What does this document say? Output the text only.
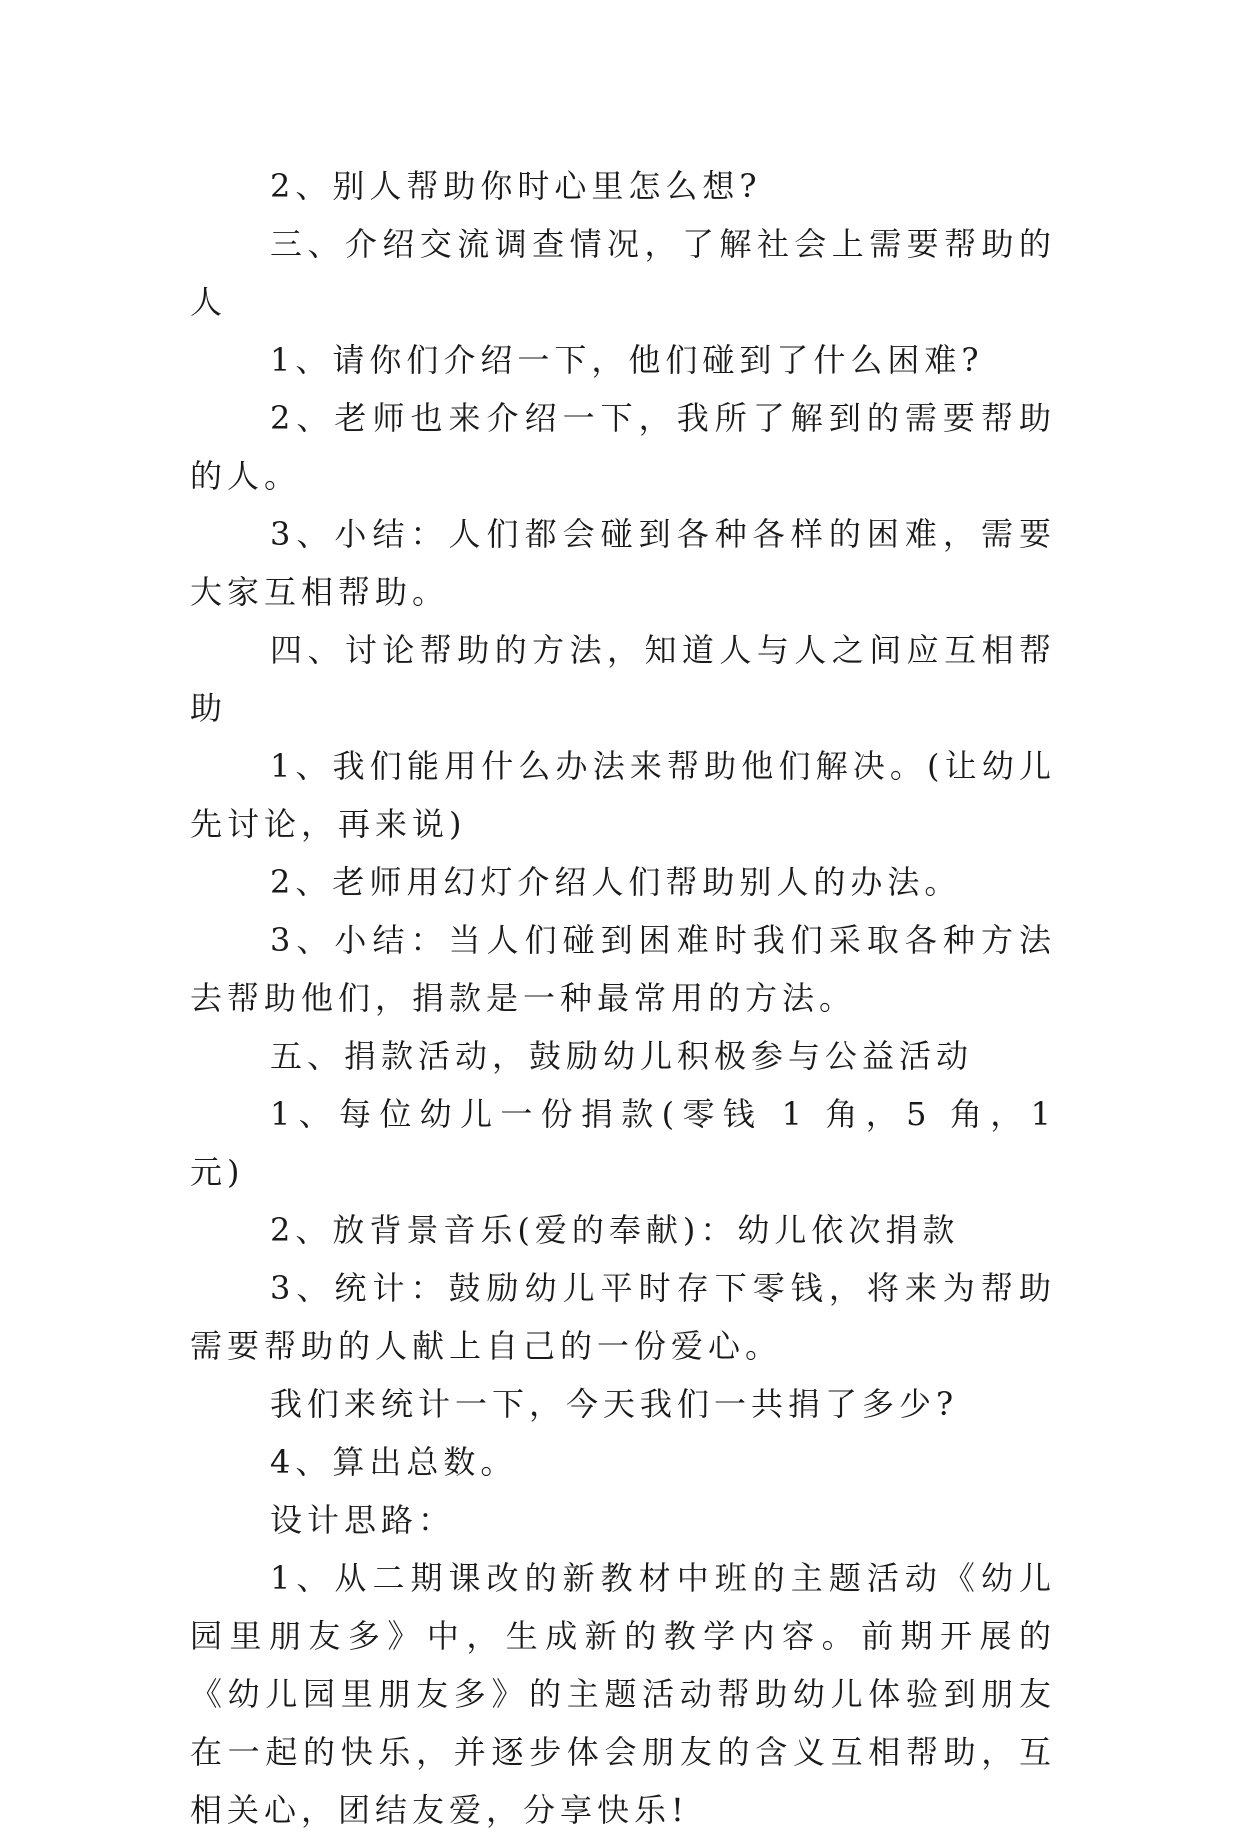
2、别人帮助你时心里怎么想?

三、介绍交流调查情况，了解社会上需要帮助的人

1、请你们介绍一下，他们碰到了什么困难?

2、老师也来介绍一下，我所了解到的需要帮助的人。

3、小结：人们都会碰到各种各样的困难，需要大家互相帮助。

四、讨论帮助的方法，知道人与人之间应互相帮助

1、我们能用什么办法来帮助他们解决。(让幼儿先讨论，再来说)

2、老师用幻灯介绍人们帮助别人的办法。

3、小结：当人们碰到困难时我们采取各种方法去帮助他们，捐款是一种最常用的方法。

五、捐款活动，鼓励幼儿积极参与公益活动

1、每位幼儿一份捐款(零钱 1 角，5 角，1 元)

2、放背景音乐(爱的奉献)：幼儿依次捐款

3、统计：鼓励幼儿平时存下零钱，将来为帮助需要帮助的人献上自己的一份爱心。

我们来统计一下，今天我们一共捐了多少?

4、算出总数。

设计思路：

1、从二期课改的新教材中班的主题活动《幼儿园里朋友多》中，生成新的教学内容。前期开展的《幼儿园里朋友多》的主题活动帮助幼儿体验到朋友在一起的快乐，并逐步体会朋友的含义互相帮助，互相关心，团结友爱，分享快乐!
